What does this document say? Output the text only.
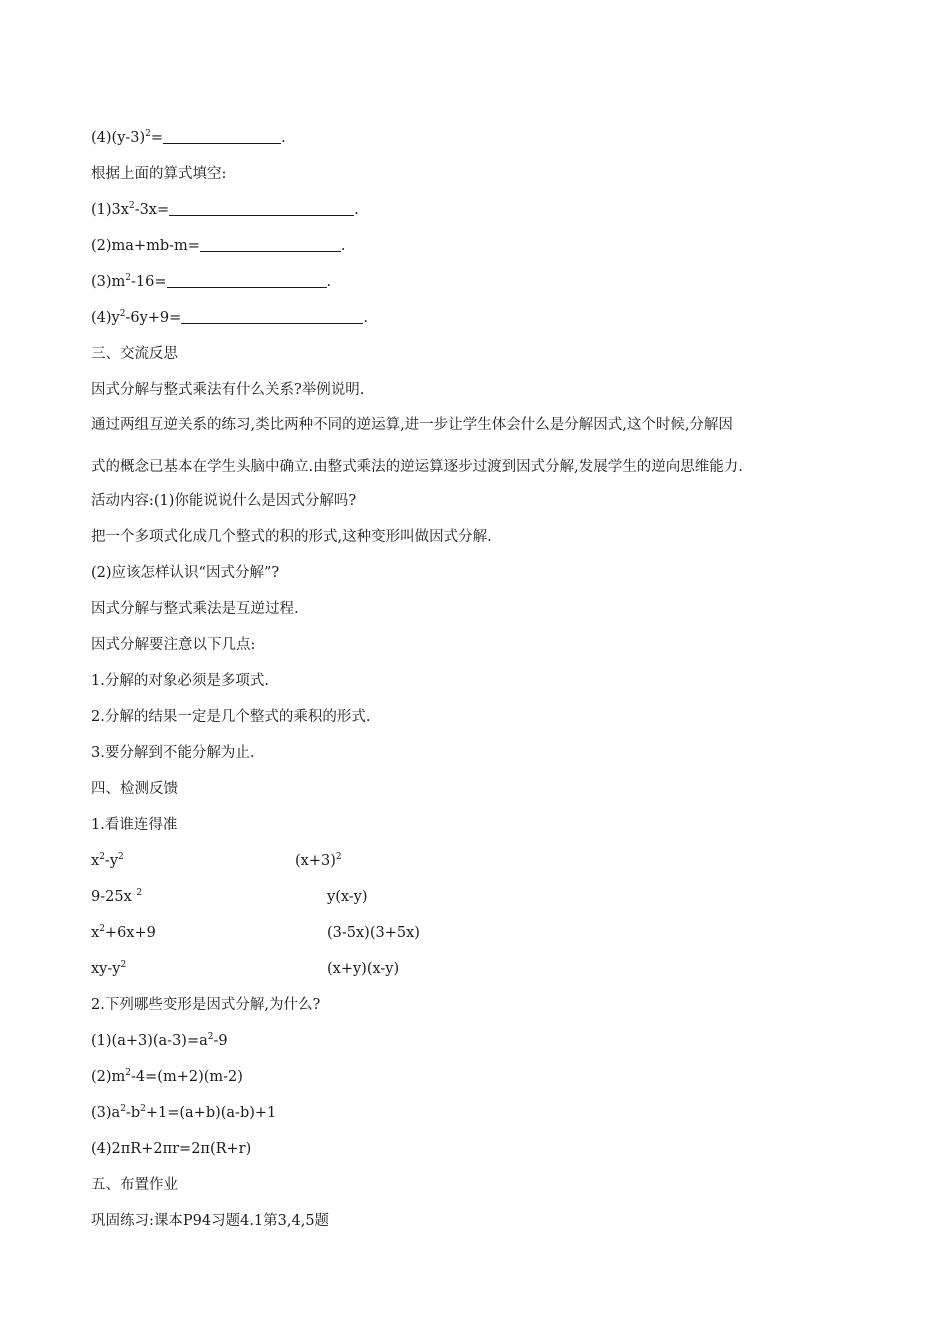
$(4)(y-3)^2=$	.
根据上面的算式填空:
$(1)3x^2-3x=$	.
(2)ma+mb-m=	.
$(3)m^2-16=$	.
$(4)y^2-6y+9=$	.
三、交流反思
因式分解与整式乘法有什么关系?举例说明.
通过两组互逆关系的练习,类比两种不同的逆运算,进一步让学生体会什么是分解因式,这个时候,分解因
式的概念已基本在学生头脑中确立.由整式乘法的逆运算逐步过渡到因式分解,发展学生的逆向思维能力.
活动内容:(1)你能说说什么是因式分解吗?
把一个多项式化成几个整式的积的形式,这种变形叫做因式分解.
(2)应该怎样认识“因式分解”?
因式分解与整式乘法是互逆过程.
因式分解要注意以下几点:
1.分解的对象必须是多项式.
2.分解的结果一定是几个整式的乘积的形式.
3.要分解到不能分解为止.
四、检测反馈
1.看谁连得准
$x^2-y^2$	$(x+3)^2$
9-25x $^2$	y(x-y)
$x^2+6x+9$	(3-5x)(3+5x)
$xy-y^2$	(x+y)(x-y)
2.下列哪些变形是因式分解,为什么?
$(1)(a+3)(a-3)=a^2-9$
$(2)m^2-4=(m+2)(m-2)$
$(3)a^2-b^2+1=(a+b)(a-b)+1$
(4)2πR+2πr=2π(R+r)
五、布置作业
巩固练习:课本P94习题4.1第3,4,5题
